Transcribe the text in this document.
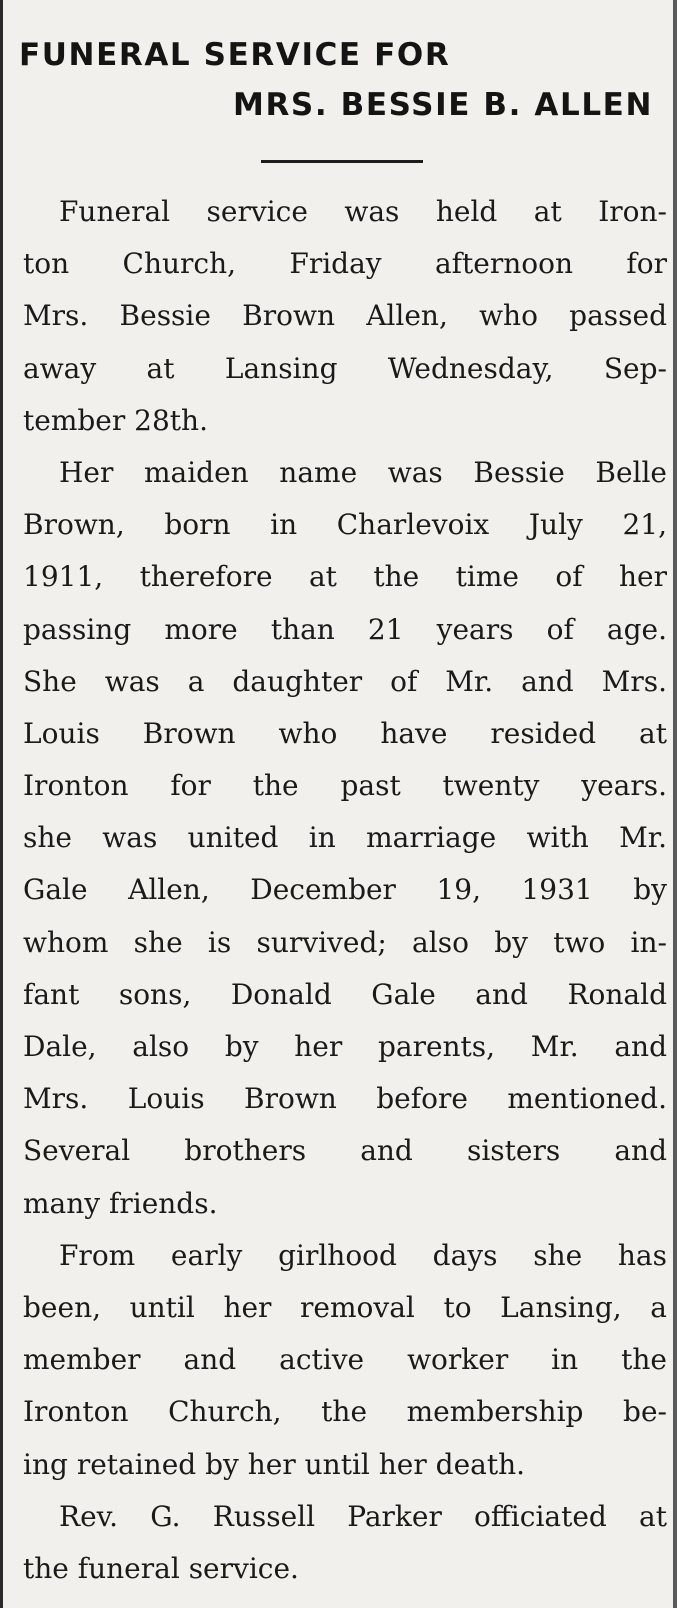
FUNERAL SERVICE FOR
MRS. BESSIE B. ALLEN
Funeral service was held at Iron-
ton Church, Friday afternoon for
Mrs. Bessie Brown Allen, who passed
away at Lansing Wednesday, Sep-
tember 28th.
Her maiden name was Bessie Belle
Brown, born in Charlevoix July 21,
1911, therefore at the time of her
passing more than 21 years of age.
She was a daughter of Mr. and Mrs.
Louis Brown who have resided at
Ironton for the past twenty years.
she was united in marriage with Mr.
Gale Allen, December 19, 1931 by
whom she is survived; also by two in-
fant sons, Donald Gale and Ronald
Dale, also by her parents, Mr. and
Mrs. Louis Brown before mentioned.
Several brothers and sisters and
many friends.
From early girlhood days she has
been, until her removal to Lansing, a
member and active worker in the
Ironton Church, the membership be-
ing retained by her until her death.
Rev. G. Russell Parker officiated at
the funeral service.
